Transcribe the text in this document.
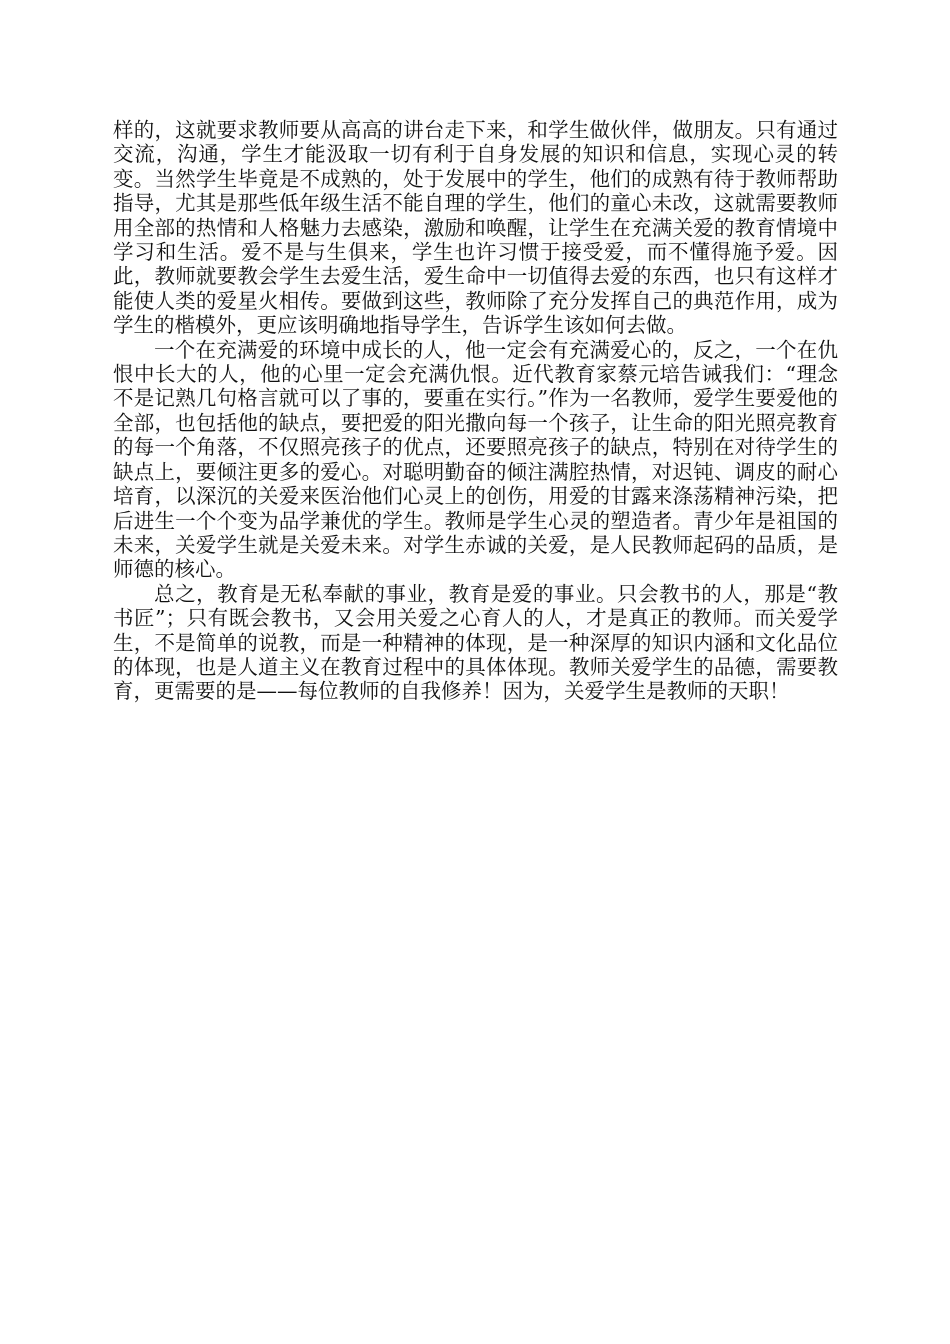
样的，这就要求教师要从高高的讲台走下来，和学生做伙伴，做朋友。只有通过交流，沟通，学生才能汲取一切有利于自身发展的知识和信息，实现心灵的转变。当然学生毕竟是不成熟的，处于发展中的学生，他们的成熟有待于教师帮助指导，尤其是那些低年级生活不能自理的学生，他们的童心未改，这就需要教师用全部的热情和人格魅力去感染，激励和唤醒，让学生在充满关爱的教育情境中学习和生活。爱不是与生俱来，学生也许习惯于接受爱，而不懂得施予爱。因此，教师就要教会学生去爱生活，爱生命中一切值得去爱的东西，也只有这样才能使人类的爱星火相传。要做到这些，教师除了充分发挥自己的典范作用，成为学生的楷模外，更应该明确地指导学生，告诉学生该如何去做。

一个在充满爱的环境中成长的人，他一定会有充满爱心的，反之，一个在仇恨中长大的人，他的心里一定会充满仇恨。近代教育家蔡元培告诫我们：“理念不是记熟几句格言就可以了事的，要重在实行。”作为一名教师，爱学生要爱他的全部，也包括他的缺点，要把爱的阳光撒向每一个孩子，让生命的阳光照亮教育的每一个角落，不仅照亮孩子的优点，还要照亮孩子的缺点，特别在对待学生的缺点上，要倾注更多的爱心。对聪明勤奋的倾注满腔热情，对迟钝、调皮的耐心培育，以深沉的关爱来医治他们心灵上的创伤，用爱的甘露来涤荡精神污染，把后进生一个个变为品学兼优的学生。教师是学生心灵的塑造者。青少年是祖国的未来，关爱学生就是关爱未来。对学生赤诚的关爱，是人民教师起码的品质，是师德的核心。

总之，教育是无私奉献的事业，教育是爱的事业。只会教书的人，那是“教书匠”；只有既会教书，又会用关爱之心育人的人，才是真正的教师。而关爱学生，不是简单的说教，而是一种精神的体现，是一种深厚的知识内涵和文化品位的体现，也是人道主义在教育过程中的具体体现。教师关爱学生的品德，需要教育，更需要的是——每位教师的自我修养！因为，关爱学生是教师的天职！
